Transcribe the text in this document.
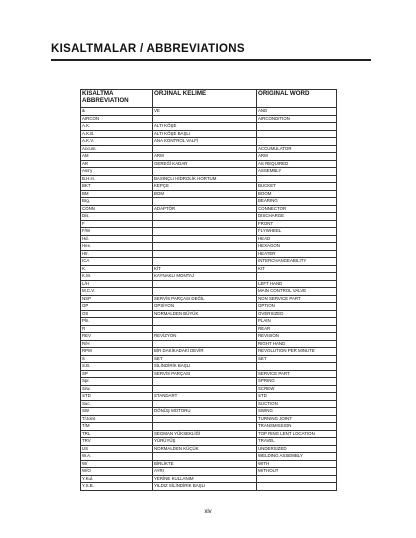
KISALTMALAR / ABBREVIATIONS
KISALTMA
ABBREVIATION	ORJINAL KELİME	ORIGINAL WORD
&	VE	AND
AIRCON		AIRCONDITION
A.K.	ALTI KÖŞE	
A.K.B.	ALTI KÖŞE BAŞLI	
A.K.V.	ANA KONTROL VALFİ	
Accum.		ACCUMULATOR
AM	ARM	ARM
AR	GEREĞİ KADAR	AS REQUIRED
Ass'y		ASSEMBLY
B.H.H.	BASINÇLI HİDROLİK HORTUM	
BKT	KEPÇE	BUCKET
BM	BOM	BOOM
Brg.		BEARING
CONN	ADAPTÖR	CONNECTOR
Dis.		DISCHARGE
F		FRONT
F/W		FLYWHEEL
Hd.		HEAD
Hex.		HEXAGON
Htr.		HEATER
ICA		INTERCHANGEABILITY
K.	KİT	KIT
K.M.	KAYNAKLI MONTAJ	
L/H		LEFT HAND
M.C.V.		MAIN CONTROL VALVE
NSP	SERVİS PARÇASI DEĞİL	NON SERVICE PART
OP	OPSİYON	OPTION
OS	NORMALDEN BÜYÜK	OVERSIZED
Pln.		PLAIN
R		REAR
REV	REVİZYON	REVISION
R/H		RIGHT HAND
RPM	BİR DAKİKADAKİ DEVİR	REVOLUTION PER MINUTE
S	SET	SET
S.B.	SİLİNDİRİK BAŞLI	
SP	SERVİS PARÇASI	SERVICE PART
Spr.		SPRING
Srw.		SCREW
STD	STANDART	STD
Suc.		SUCTION
SW	DÖNÜŞ MOTORU	SWING
T/Joint		TURNING JOINT
T/M		TRANSMISSION
TRL	SEGMAN YÜKSEKLİĞİ	TOP RING LENT LOCATION
TRV	YÜRÜYÜŞ	TRAVEL
US	NORMALDEN KÜÇÜK	UNDERSIZED
W.A.		WELDING ASSEMBLY
W/	BİRLİKTE	WITH
W/O	AYRI	WITHOUT
Y.Kul.	YERİNE KULLANIM	
Y.S.B.	YILDIZ SİLİNDİRİK BAŞLI	
xiv
